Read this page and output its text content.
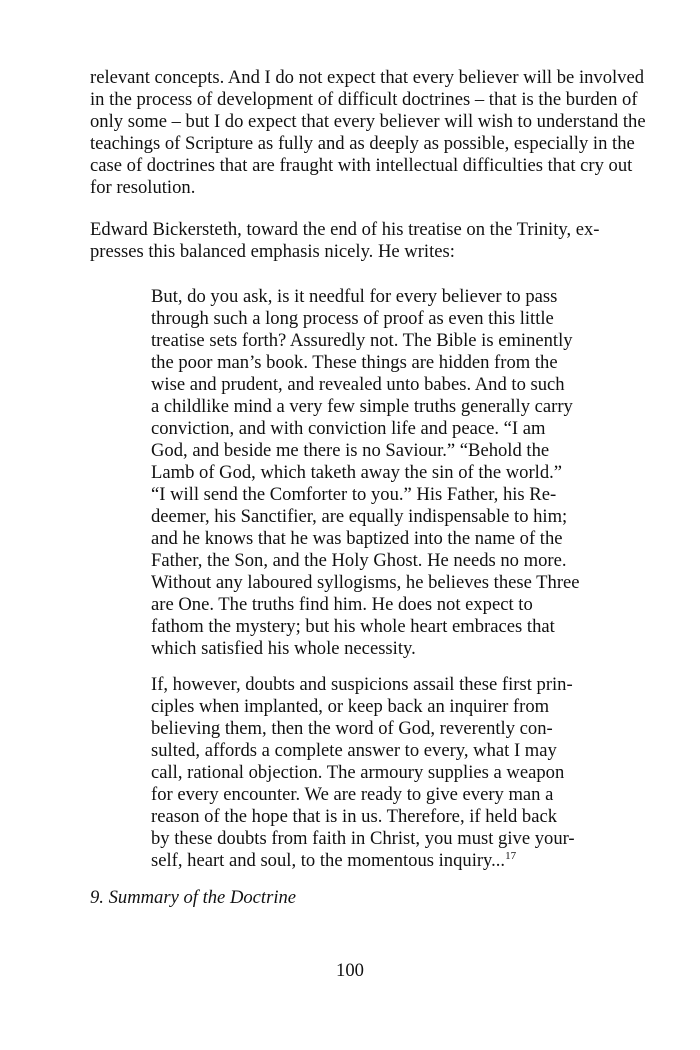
relevant concepts. And I do not expect that every believer will be involved
in the process of development of difficult doctrines – that is the burden of
only some – but I do expect that every believer will wish to understand the
teachings of Scripture as fully and as deeply as possible, especially in the
case of doctrines that are fraught with intellectual difficulties that cry out
for resolution.
Edward Bickersteth, toward the end of his treatise on the Trinity, ex-
presses this balanced emphasis nicely. He writes:
But, do you ask, is it needful for every believer to pass
through such a long process of proof as even this little
treatise sets forth? Assuredly not. The Bible is eminently
the poor man’s book. These things are hidden from the
wise and prudent, and revealed unto babes. And to such
a childlike mind a very few simple truths generally carry
conviction, and with conviction life and peace. “I am
God, and beside me there is no Saviour.” “Behold the
Lamb of God, which taketh away the sin of the world.”
“I will send the Comforter to you.” His Father, his Re-
deemer, his Sanctifier, are equally indispensable to him;
and he knows that he was baptized into the name of the
Father, the Son, and the Holy Ghost. He needs no more.
Without any laboured syllogisms, he believes these Three
are One. The truths find him. He does not expect to
fathom the mystery; but his whole heart embraces that
which satisfied his whole necessity.
If, however, doubts and suspicions assail these first prin-
ciples when implanted, or keep back an inquirer from
believing them, then the word of God, reverently con-
sulted, affords a complete answer to every, what I may
call, rational objection. The armoury supplies a weapon
for every encounter. We are ready to give every man a
reason of the hope that is in us. Therefore, if held back
by these doubts from faith in Christ, you must give your-
self, heart and soul, to the momentous inquiry...$^{17}$
9. Summary of the Doctrine
100
